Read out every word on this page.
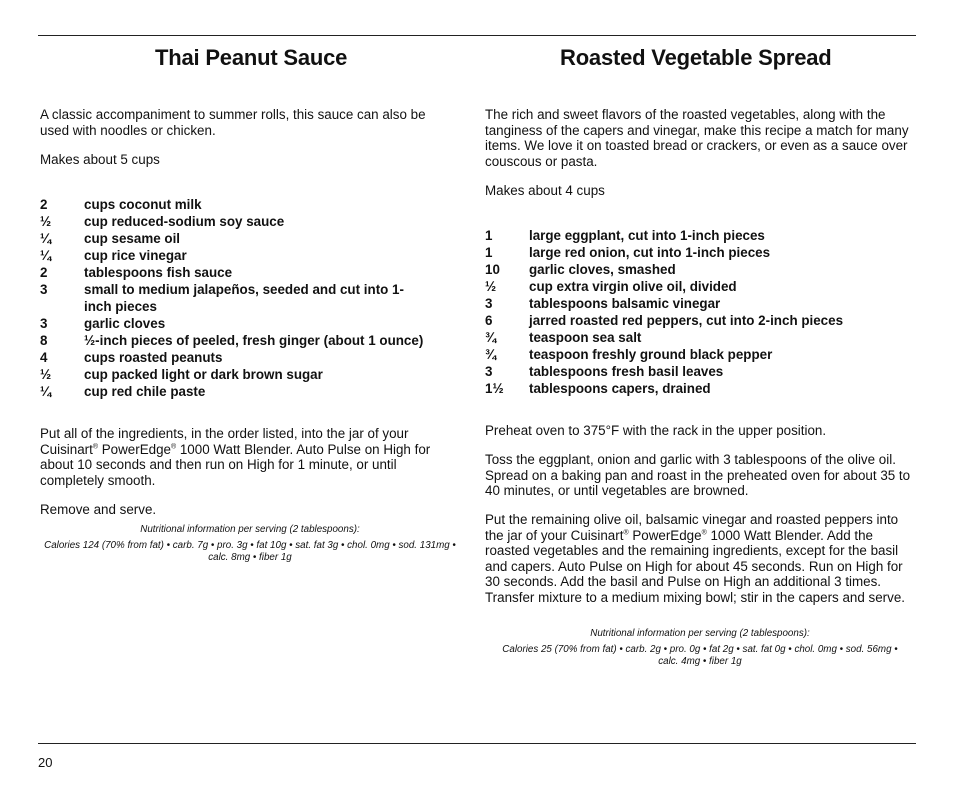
Thai Peanut Sauce

A classic accompaniment to summer rolls, this sauce can also be used with noodles or chicken.

Makes about 5 cups

2	cups coconut milk
½	cup reduced-sodium soy sauce
¼	cup sesame oil
¼	cup rice vinegar
2	tablespoons fish sauce
3	small to medium jalapeños, seeded and cut into 1-inch pieces
3	garlic cloves
8	½-inch pieces of peeled, fresh ginger (about 1 ounce)
4	cups roasted peanuts
½	cup packed light or dark brown sugar
¼	cup red chile paste

Put all of the ingredients, in the order listed, into the jar of your Cuisinart® PowerEdge® 1000 Watt Blender. Auto Pulse on High for about 10 seconds and then run on High for 1 minute, or until completely smooth.

Remove and serve.

Nutritional information per serving (2 tablespoons):
Calories 124 (70% from fat) • carb. 7g • pro. 3g • fat 10g • sat. fat 3g • chol. 0mg • sod. 131mg • calc. 8mg • fiber 1g
Roasted Vegetable Spread

The rich and sweet flavors of the roasted vegetables, along with the tanginess of the capers and vinegar, make this recipe a match for many items. We love it on toasted bread or crackers, or even as a sauce over couscous or pasta.

Makes about 4 cups

1	large eggplant, cut into 1-inch pieces
1	large red onion, cut into 1-inch pieces
10	garlic cloves, smashed
½	cup extra virgin olive oil, divided
3	tablespoons balsamic vinegar
6	jarred roasted red peppers, cut into 2-inch pieces
¾	teaspoon sea salt
¾	teaspoon freshly ground black pepper
3	tablespoons fresh basil leaves
1½	tablespoons capers, drained

Preheat oven to 375°F with the rack in the upper position.

Toss the eggplant, onion and garlic with 3 tablespoons of the olive oil. Spread on a baking pan and roast in the preheated oven for about 35 to 40 minutes, or until vegetables are browned.

Put the remaining olive oil, balsamic vinegar and roasted peppers into the jar of your Cuisinart® PowerEdge® 1000 Watt Blender. Add the roasted vegetables and the remaining ingredients, except for the basil and capers. Auto Pulse on High for about 45 seconds. Run on High for 30 seconds. Add the basil and Pulse on High an additional 3 times. Transfer mixture to a medium mixing bowl; stir in the capers and serve.

Nutritional information per serving (2 tablespoons):
Calories 25 (70% from fat) • carb. 2g • pro. 0g • fat 2g • sat. fat 0g • chol. 0mg • sod. 56mg • calc. 4mg • fiber 1g
20
